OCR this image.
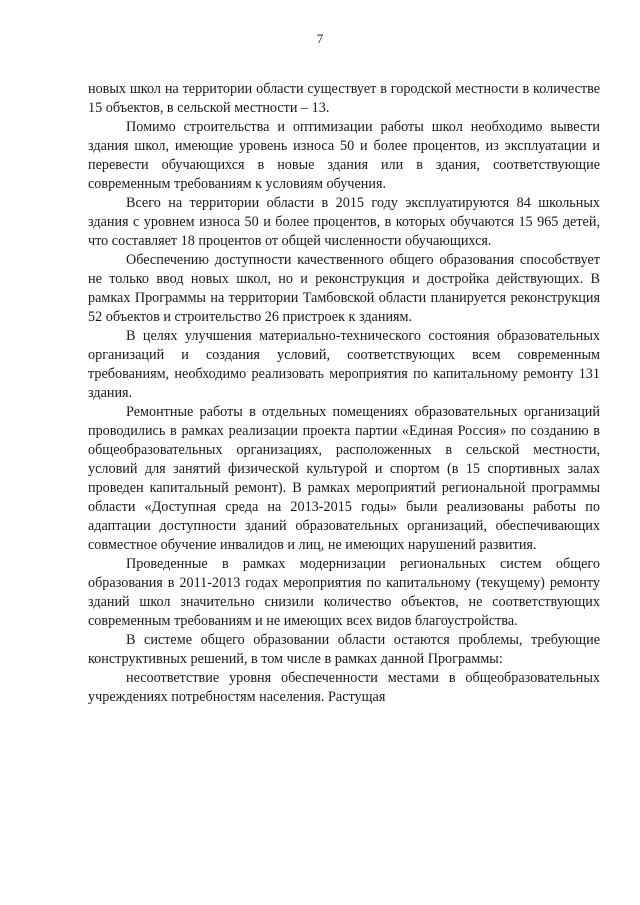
7

новых школ на территории области существует в городской местности в количестве 15 объектов, в сельской местности – 13.

Помимо строительства и оптимизации работы школ необходимо вывести здания школ, имеющие уровень износа 50 и более процентов, из эксплуатации и перевести обучающихся в новые здания или в здания, соответствующие современным требованиям к условиям обучения.

Всего на территории области в 2015 году эксплуатируются 84 школьных здания с уровнем износа 50 и более процентов, в которых обучаются 15 965 детей, что составляет 18 процентов от общей численности обучающихся.

Обеспечению доступности качественного общего образования способствует не только ввод новых школ, но и реконструкция и достройка действующих. В рамках Программы на территории Тамбовской области планируется реконструкция 52 объектов и строительство 26 пристроек к зданиям.

В целях улучшения материально-технического состояния образовательных организаций и создания условий, соответствующих всем современным требованиям, необходимо реализовать мероприятия по капитальному ремонту 131 здания.

Ремонтные работы в отдельных помещениях образовательных организаций проводились в рамках реализации проекта партии «Единая Россия» по созданию в общеобразовательных организациях, расположенных в сельской местности, условий для занятий физической культурой и спортом (в 15 спортивных залах проведен капитальный ремонт). В рамках мероприятий региональной программы области «Доступная среда на 2013-2015 годы» были реализованы работы по адаптации доступности зданий образовательных организаций, обеспечивающих совместное обучение инвалидов и лиц, не имеющих нарушений развития.

Проведенные в рамках модернизации региональных систем общего образования в 2011-2013 годах мероприятия по капитальному (текущему) ремонту зданий школ значительно снизили количество объектов, не соответствующих современным требованиям и не имеющих всех видов благоустройства.

В системе общего образовании области остаются проблемы, требующие конструктивных решений, в том числе в рамках данной Программы:

несоответствие уровня обеспеченности местами в общеобразовательных учреждениях потребностям населения. Растущая
